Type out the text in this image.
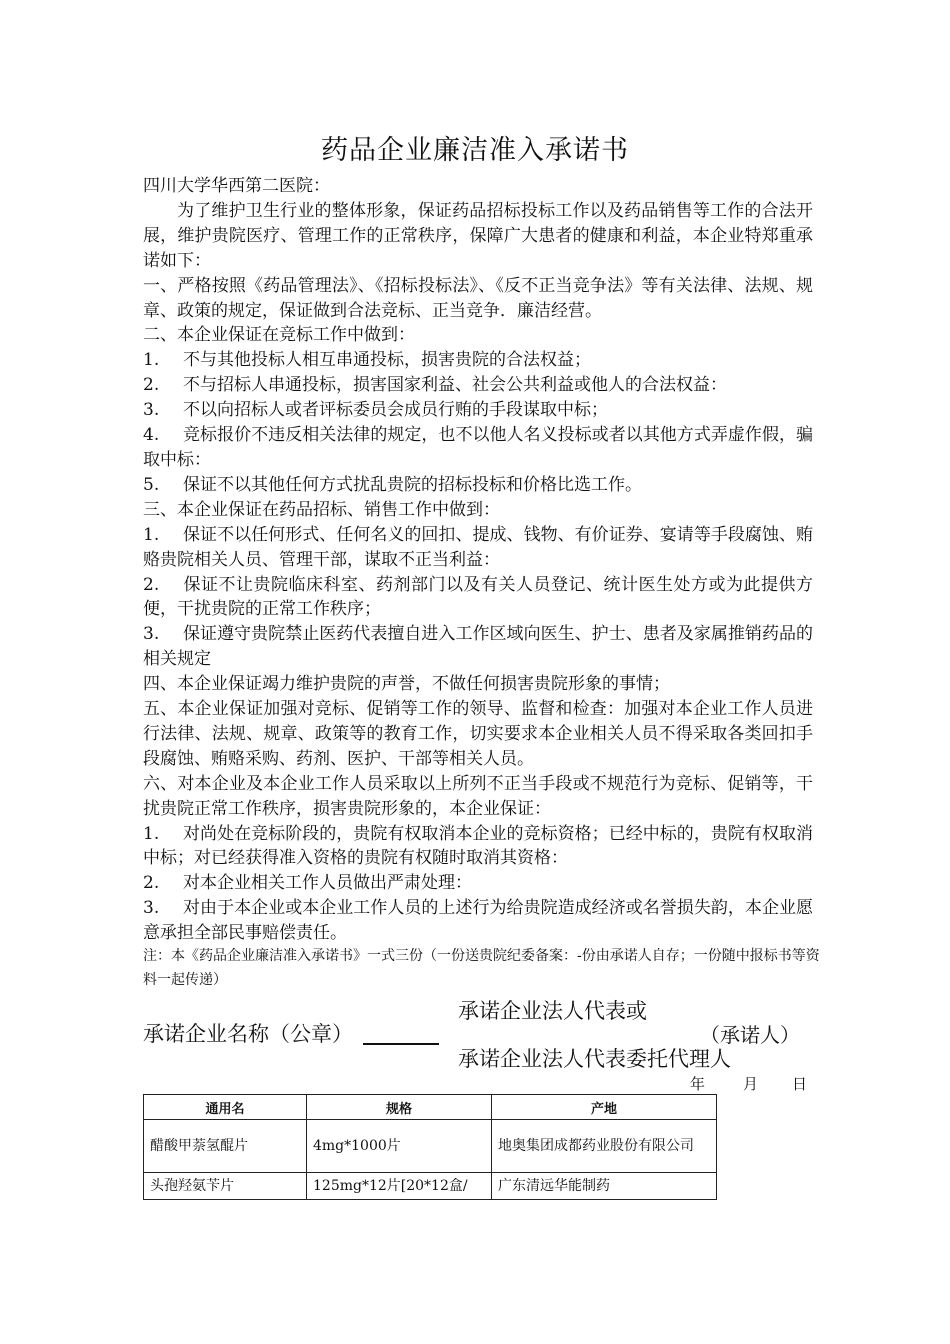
药品企业廉洁准入承诺书

四川大学华西第二医院：

为了维护卫生行业的整体形象，保证药品招标投标工作以及药品销售等工作的合法开展，维护贵院医疗、管理工作的正常秩序，保障广大患者的健康和利益，本企业特郑重承诺如下：

一、严格按照《药品管理法》、《招标投标法》、《反不正当竞争法》等有关法律、法规、规章、政策的规定，保证做到合法竞标、正当竞争．廉洁经营。

二、本企业保证在竞标工作中做到：

1. 不与其他投标人相互串通投标，损害贵院的合法权益；

2. 不与招标人串通投标，损害国家利益、社会公共利益或他人的合法权益：

3. 不以向招标人或者评标委员会成员行贿的手段谋取中标；

4. 竞标报价不违反相关法律的规定，也不以他人名义投标或者以其他方式弄虚作假，骗取中标：

5. 保证不以其他任何方式扰乱贵院的招标投标和价格比选工作。

三、本企业保证在药品招标、销售工作中做到：

1. 保证不以任何形式、任何名义的回扣、提成、钱物、有价证券、宴请等手段腐蚀、贿赂贵院相关人员、管理干部，谋取不正当利益：

2. 保证不让贵院临床科室、药剂部门以及有关人员登记、统计医生处方或为此提供方便，干扰贵院的正常工作秩序；

3. 保证遵守贵院禁止医药代表擅自进入工作区域向医生、护士、患者及家属推销药品的相关规定

四、本企业保证竭力维护贵院的声誉，不做任何损害贵院形象的事情；

五、本企业保证加强对竞标、促销等工作的领导、监督和检查：加强对本企业工作人员进行法律、法规、规章、政策等的教育工作，切实要求本企业相关人员不得采取各类回扣手段腐蚀、贿赂采购、药剂、医护、干部等相关人员。

六、对本企业及本企业工作人员采取以上所列不正当手段或不规范行为竞标、促销等，干扰贵院正常工作秩序，损害贵院形象的，本企业保证：

1. 对尚处在竞标阶段的，贵院有权取消本企业的竞标资格；已经中标的，贵院有权取消中标；对已经获得准入资格的贵院有权随时取消其资格：

2. 对本企业相关工作人员做出严肃处理：

3. 对由于本企业或本企业工作人员的上述行为给贵院造成经济或名誉损失韵，本企业愿意承担全部民事赔偿责任。

注：本《药品企业廉洁准入承诺书》一式三份（一份送贵院纪委备案：-份由承诺人自存；一份随中报标书等资料一起传递）
承诺企业名称（公章）
承诺企业法人代表或
（承诺人）
承诺企业法人代表委托代理人
年	月 日
通用名	规格	产地
醋酸甲萘氢醌片	4mg*1000片	地奥集团成都药业股份有限公司
头孢羟氨苄片	125mg*12片[20*12盒/	广东清远华能制药
